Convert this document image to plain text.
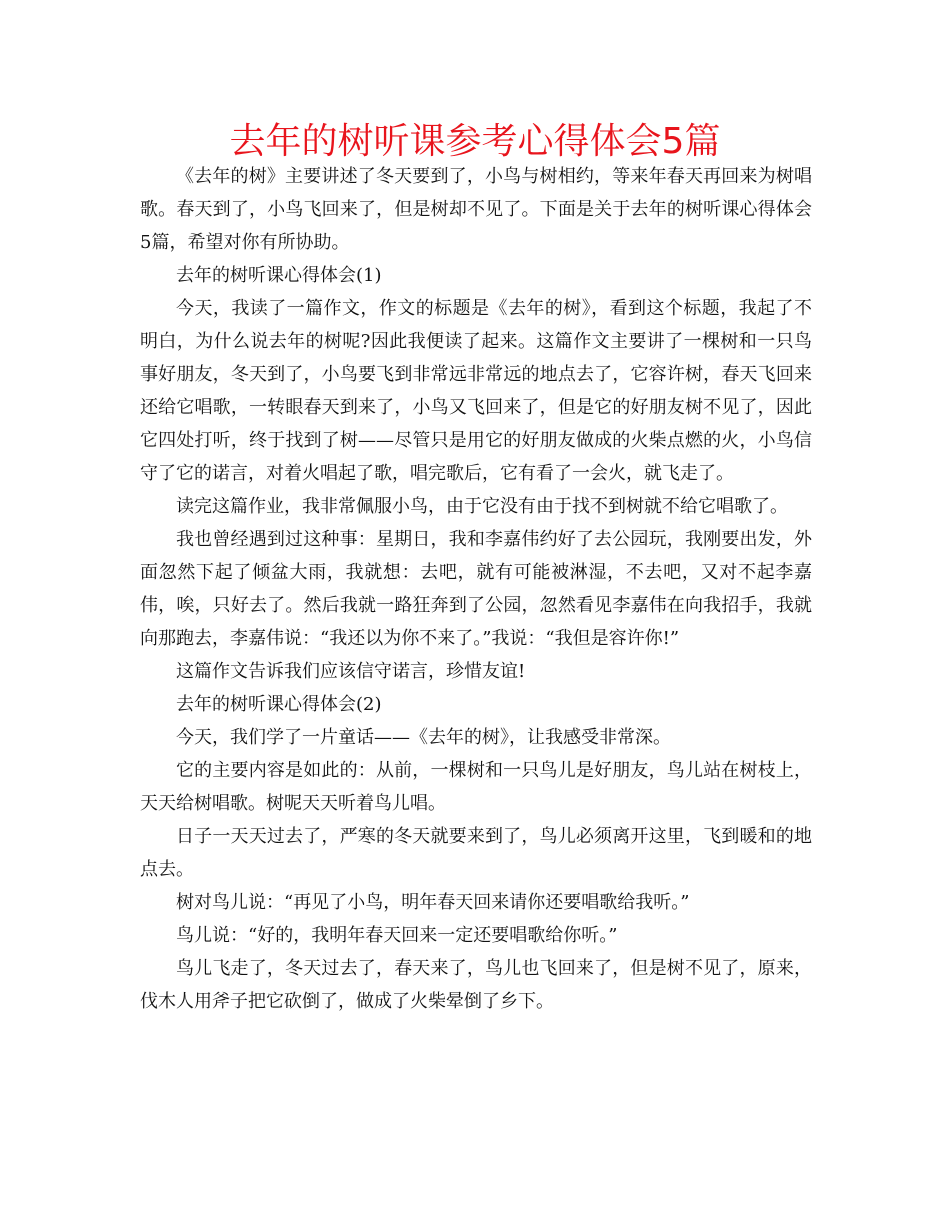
去年的树听课参考心得体会5篇

《去年的树》主要讲述了冬天要到了，小鸟与树相约，等来年春天再回来为树唱歌。春天到了，小鸟飞回来了，但是树却不见了。下面是关于去年的树听课心得体会5篇，希望对你有所协助。

去年的树听课心得体会(1)

今天，我读了一篇作文，作文的标题是《去年的树》，看到这个标题，我起了不明白，为什么说去年的树呢?因此我便读了起来。这篇作文主要讲了一棵树和一只鸟事好朋友，冬天到了，小鸟要飞到非常远非常远的地点去了，它容许树，春天飞回来还给它唱歌，一转眼春天到来了，小鸟又飞回来了，但是它的好朋友树不见了，因此它四处打听，终于找到了树——尽管只是用它的好朋友做成的火柴点燃的火，小鸟信守了它的诺言，对着火唱起了歌，唱完歌后，它有看了一会火，就飞走了。

读完这篇作业，我非常佩服小鸟，由于它没有由于找不到树就不给它唱歌了。

我也曾经遇到过这种事：星期日，我和李嘉伟约好了去公园玩，我刚要出发，外面忽然下起了倾盆大雨，我就想：去吧，就有可能被淋湿，不去吧，又对不起李嘉伟，唉，只好去了。然后我就一路狂奔到了公园，忽然看见李嘉伟在向我招手，我就向那跑去，李嘉伟说：“我还以为你不来了。”我说：“我但是容许你!”

这篇作文告诉我们应该信守诺言，珍惜友谊!

去年的树听课心得体会(2)

今天，我们学了一片童话——《去年的树》，让我感受非常深。

它的主要内容是如此的：从前，一棵树和一只鸟儿是好朋友，鸟儿站在树枝上，天天给树唱歌。树呢天天听着鸟儿唱。

日子一天天过去了，严寒的冬天就要来到了，鸟儿必须离开这里，飞到暖和的地点去。

树对鸟儿说：“再见了小鸟，明年春天回来请你还要唱歌给我听。”

鸟儿说：“好的，我明年春天回来一定还要唱歌给你听。”

鸟儿飞走了，冬天过去了，春天来了，鸟儿也飞回来了，但是树不见了，原来，伐木人用斧子把它砍倒了，做成了火柴晕倒了乡下。
